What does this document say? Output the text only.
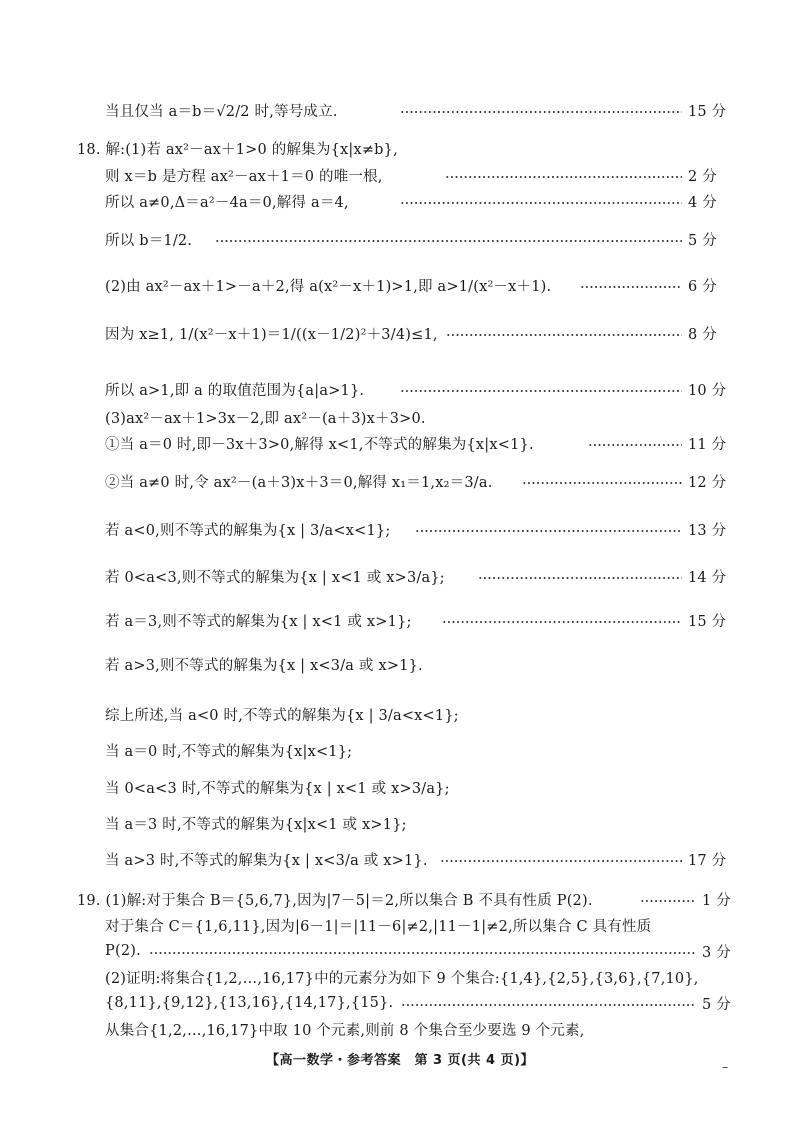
当且仅当 a＝b＝√2/2 时,等号成立.	15 分
18. 解:(1)若 ax²－ax＋1>0 的解集为{x|x≠b},
则 x＝b 是方程 ax²－ax＋1＝0 的唯一根,	2 分
所以 a≠0,Δ＝a²－4a＝0,解得 a＝4,	4 分
所以 b＝1/2.	5 分
(2)由 ax²－ax＋1>－a＋2,得 a(x²－x＋1)>1,即 a>1/(x²－x＋1).	6 分
因为 x≥1, 1/(x²－x＋1)＝1/((x－1/2)²＋3/4)≤1,	8 分
所以 a>1,即 a 的取值范围为{a|a>1}.	10 分
(3)ax²－ax＋1>3x－2,即 ax²－(a＋3)x＋3>0.
①当 a＝0 时,即－3x＋3>0,解得 x<1,不等式的解集为{x|x<1}.	11 分
②当 a≠0 时,令 ax²－(a＋3)x＋3＝0,解得 x₁＝1,x₂＝3/a.	12 分
若 a<0,则不等式的解集为{x | 3/a<x<1};	13 分
若 0<a<3,则不等式的解集为{x | x<1 或 x>3/a};	14 分
若 a＝3,则不等式的解集为{x | x<1 或 x>1};	15 分
若 a>3,则不等式的解集为{x | x<3/a 或 x>1}.
综上所述,当 a<0 时,不等式的解集为{x | 3/a<x<1};
当 a＝0 时,不等式的解集为{x|x<1};
当 0<a<3 时,不等式的解集为{x | x<1 或 x>3/a};
当 a＝3 时,不等式的解集为{x|x<1 或 x>1};
当 a>3 时,不等式的解集为{x | x<3/a 或 x>1}.	17 分
19. (1)解:对于集合 B＝{5,6,7},因为|7－5|＝2,所以集合 B 不具有性质 P(2).	1 分
对于集合 C＝{1,6,11},因为|6－1|＝|11－6|≠2,|11－1|≠2,所以集合 C 具有性质
P(2).	3 分
(2)证明:将集合{1,2,…,16,17}中的元素分为如下 9 个集合:{1,4},{2,5},{3,6},{7,10},
{8,11},{9,12},{13,16},{14,17},{15}.	5 分
从集合{1,2,…,16,17}中取 10 个元素,则前 8 个集合至少要选 9 个元素,
【高一数学・参考答案　第 3 页(共 4 页)】	–
